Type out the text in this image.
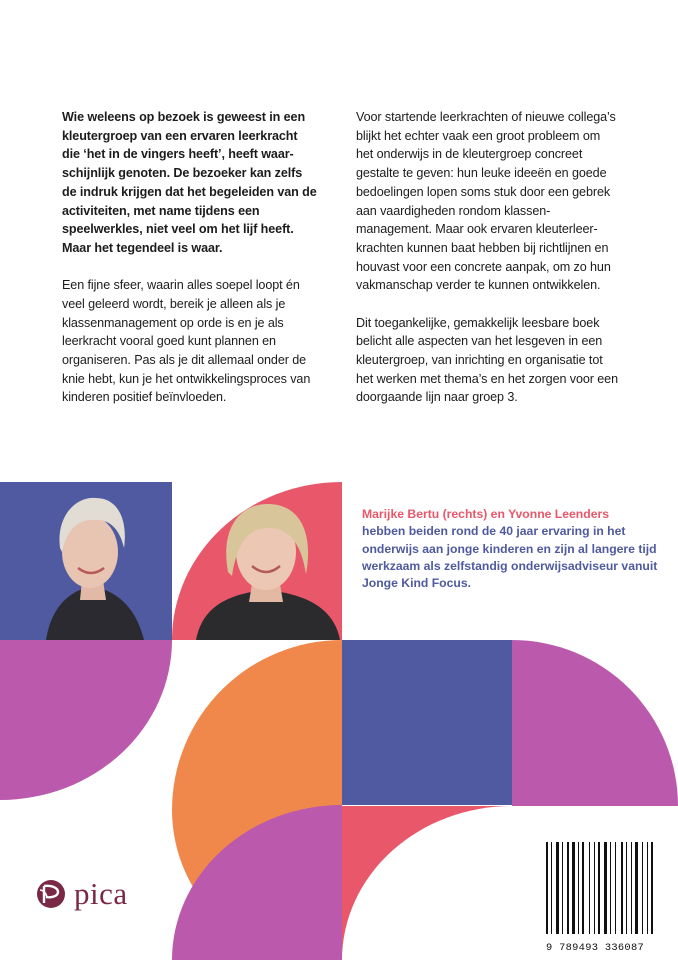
Wie weleens op bezoek is geweest in een kleutergroep van een ervaren leerkracht die ‘het in de vingers heeft’, heeft waarschijnlijk genoten. De bezoeker kan zelfs de indruk krijgen dat het begeleiden van de activiteiten, met name tijdens een speelwerkles, niet veel om het lijf heeft. Maar het tegendeel is waar.

Een fijne sfeer, waarin alles soepel loopt én veel geleerd wordt, bereik je alleen als je klassenmanagement op orde is en je als leerkracht vooral goed kunt plannen en organiseren. Pas als je dit allemaal onder de knie hebt, kun je het ontwikkelingsproces van kinderen positief beïnvloeden.

Voor startende leerkrachten of nieuwe collega’s blijkt het echter vaak een groot probleem om het onderwijs in de kleutergroep concreet gestalte te geven: hun leuke ideeën en goede bedoelingen lopen soms stuk door een gebrek aan vaardigheden rondom klassenmanagement. Maar ook ervaren kleuterleerkrachten kunnen baat hebben bij richtlijnen en houvast voor een concrete aanpak, om zo hun vakmanschap verder te kunnen ontwikkelen.

Dit toegankelijke, gemakkelijk leesbare boek belicht alle aspecten van het lesgeven in een kleutergroep, van inrichting en organisatie tot het werken met thema’s en het zorgen voor een doorgaande lijn naar groep 3.

Marijke Bertu (rechts) en Yvonne Leenders
hebben beiden rond de 40 jaar ervaring in het onderwijs aan jonge kinderen en zijn al langere tijd werkzaam als zelfstandig onderwijsadviseur vanuit Jonge Kind Focus.
pica
9 789493 336087
